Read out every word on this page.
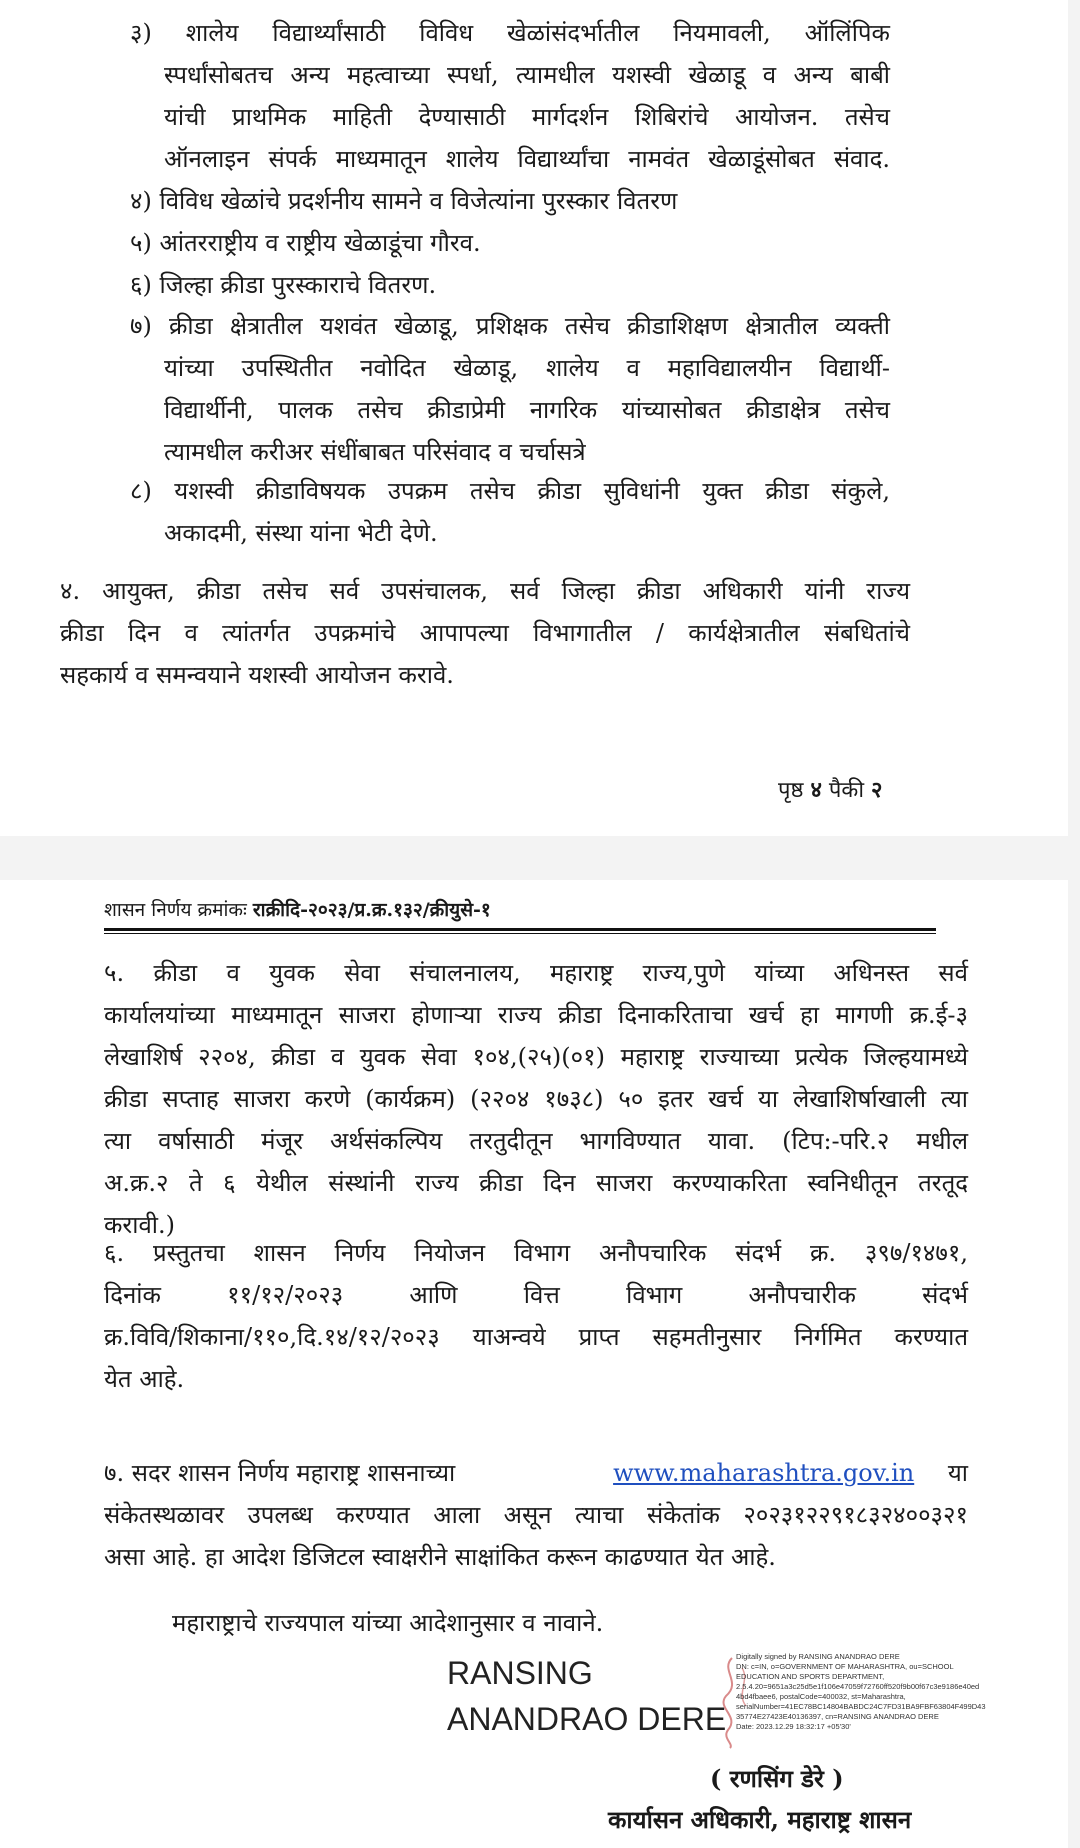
३) शालेय विद्यार्थ्यांसाठी विविध खेळांसंदर्भातील नियमावली, ऑलिंपिक
स्पर्धांसोबतच अन्य महत्वाच्या स्पर्धा, त्यामधील यशस्वी खेळाडू व अन्य बाबी
यांची प्राथमिक माहिती देण्यासाठी मार्गदर्शन शिबिरांचे आयोजन. तसेच
ऑनलाइन संपर्क माध्यमातून शालेय विद्यार्थ्यांचा नामवंत खेळाडूंसोबत संवाद.
४) विविध खेळांचे प्रदर्शनीय सामने व विजेत्यांना पुरस्कार वितरण
५) आंतरराष्ट्रीय व राष्ट्रीय खेळाडूंचा गौरव.
६) जिल्हा क्रीडा पुरस्काराचे वितरण.
७) क्रीडा क्षेत्रातील यशवंत खेळाडू, प्रशिक्षक तसेच क्रीडाशिक्षण क्षेत्रातील व्यक्ती
यांच्या उपस्थितीत नवोदित खेळाडू, शालेय व महाविद्यालयीन विद्यार्थी-
विद्यार्थीनी, पालक तसेच क्रीडाप्रेमी नागरिक यांच्यासोबत क्रीडाक्षेत्र तसेच
त्यामधील करीअर संधींबाबत परिसंवाद व चर्चासत्रे
८) यशस्वी क्रीडाविषयक उपक्रम तसेच क्रीडा सुविधांनी युक्त क्रीडा संकुले,
अकादमी, संस्था यांना भेटी देणे.
४. आयुक्त, क्रीडा तसेच सर्व उपसंचालक, सर्व जिल्हा क्रीडा अधिकारी यांनी राज्य
क्रीडा दिन व त्यांतर्गत उपक्रमांचे आपापल्या विभागातील / कार्यक्षेत्रातील संबधितांचे
सहकार्य व समन्वयाने यशस्वी आयोजन करावे.
पृष्ठ ४ पैकी २
शासन निर्णय क्रमांकः राक्रीदि-२०२३/प्र.क्र.१३२/क्रीयुसे-१
५. क्रीडा व युवक सेवा संचालनालय, महाराष्ट्र राज्य,पुणे यांच्या अधिनस्त सर्व
कार्यालयांच्या माध्यमातून साजरा होणाऱ्या राज्य क्रीडा दिनाकरिताचा खर्च हा मागणी क्र.ई-३
लेखाशिर्ष २२०४, क्रीडा व युवक सेवा १०४,(२५)(०१) महाराष्ट्र राज्याच्या प्रत्येक जिल्हयामध्ये
क्रीडा सप्ताह साजरा करणे (कार्यक्रम) (२२०४ १७३८) ५० इतर खर्च या लेखाशिर्षाखाली त्या
त्या वर्षासाठी मंजूर अर्थसंकल्पिय तरतुदीतून भागविण्यात यावा. (टिप:-परि.२ मधील
अ.क्र.२ ते ६ येथील संस्थांनी राज्य क्रीडा दिन साजरा करण्याकरिता स्वनिधीतून तरतूद
करावी.)
६. प्रस्तुतचा शासन निर्णय नियोजन विभाग अनौपचारिक संदर्भ क्र. ३९७/१४७१,
दिनांक ११/१२/२०२३ आणि वित्त विभाग अनौपचारीक संदर्भ
क्र.विवि/शिकाना/११०,दि.१४/१२/२०२३ याअन्वये प्राप्त सहमतीनुसार निर्गमित करण्यात
येत आहे.
७. सदर शासन निर्णय महाराष्ट्र शासनाच्या	www.maharashtra.gov.in या
संकेतस्थळावर उपलब्ध करण्यात आला असून त्याचा संकेतांक २०२३१२२९१८३२४००३२१
असा आहे. हा आदेश डिजिटल स्वाक्षरीने साक्षांकित करून काढण्यात येत आहे.
महाराष्ट्राचे राज्यपाल यांच्या आदेशानुसार व नावाने.
RANSING
ANANDRAO DERE
Digitally signed by RANSING ANANDRAO DERE
DN: c=IN, o=GOVERNMENT OF MAHARASHTRA, ou=SCHOOL
EDUCATION AND SPORTS DEPARTMENT,
2.5.4.20=9651a3c25d5e1f106e47059f72760ff520f9b00f67c3e9186e40ed
4bd4fbaee6, postalCode=400032, st=Maharashtra,
serialNumber=41EC78BC14804BABDC24C7FD31BA9FBF63804F499D43
35774E27423E40136397, cn=RANSING ANANDRAO DERE
Date: 2023.12.29 18:32:17 +05'30'
( रणसिंग डेरे )
कार्यासन अधिकारी, महाराष्ट्र शासन
